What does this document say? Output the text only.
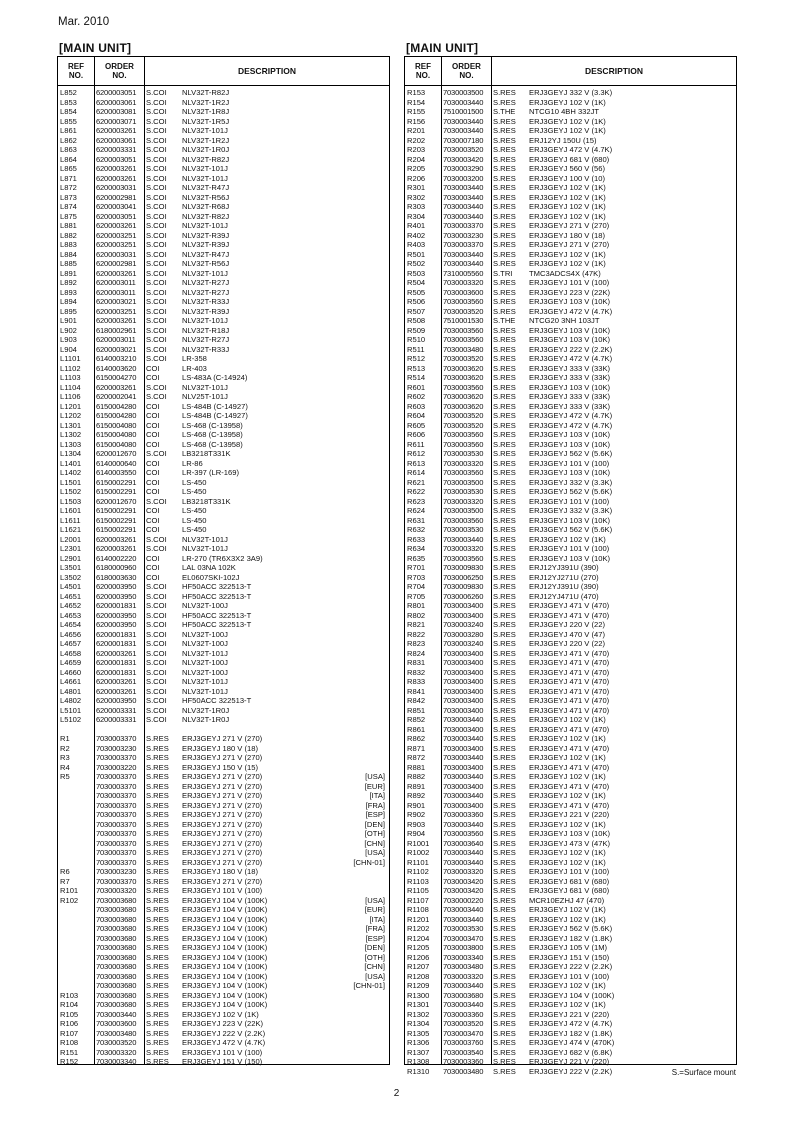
Mar. 2010
[MAIN UNIT]	[MAIN UNIT]
REF
NO.
ORDER
NO.	DESCRIPTION
L852	6200003051 S.COI NLV32T-R82J
L853	6200003061 S.COI NLV32T-1R2J
L854	6200003081 S.COI NLV32T-1R8J
L855	6200003071 S.COI NLV32T-1R5J
L861	6200003261 S.COI NLV32T-101J
L862	6200003061 S.COI NLV32T-1R2J
L863	6200003331 S.COI NLV32T-1R0J
L864	6200003051 S.COI NLV32T-R82J
L865	6200003261 S.COI NLV32T-101J
L871	6200003261 S.COI NLV32T-101J
L872	6200003031 S.COI NLV32T-R47J
L873	6200002981 S.COI NLV32T-R56J
L874	6200003041 S.COI NLV32T-R68J
L875	6200003051 S.COI NLV32T-R82J
L881	6200003261 S.COI NLV32T-101J
L882	6200003251 S.COI NLV32T-R39J
L883	6200003251 S.COI NLV32T-R39J
L884	6200003031 S.COI NLV32T-R47J
L885	6200002981 S.COI NLV32T-R56J
L891	6200003261 S.COI NLV32T-101J
L892	6200003011 S.COI NLV32T-R27J
L893	6200003011 S.COI NLV32T-R27J
L894	6200003021 S.COI NLV32T-R33J
L895	6200003251 S.COI NLV32T-R39J
L901	6200003261 S.COI NLV32T-101J
L902	6180002961 S.COI NLV32T-R18J
L903	6200003011 S.COI NLV32T-R27J
L904	6200003021 S.COI NLV32T-R33J
L1101 6140003210 S.COI LR-358
L1102 6140003620 COI	LR-403
L1103 6150004270 COI	LS-483A (C-14924)
L1104 6200003261 S.COI NLV32T-101J
L1106 6200002041 S.COI NLV25T-101J
L1201 6150004280 COI	LS-484B (C-14927)
L1202 6150004280 COI	LS-484B (C-14927)
L1301 6150004080 COI	LS-468 (C-13958)
L1302 6150004080 COI	LS-468 (C-13958)
L1303 6150004080 COI	LS-468 (C-13958)
L1304 6200012670 S.COI LB3218T331K
L1401 6140000640 COI	LR-86
L1402 6140003550 COI	LR-397 (LR-169)
L1501 6150002291 COI	LS-450
L1502 6150002291 COI	LS-450
L1503 6200012670 S.COI LB3218T331K
L1601 6150002291 COI	LS-450
L1611 6150002291 COI	LS-450
L1621 6150002291 COI	LS-450
L2001 6200003261 S.COI NLV32T-101J
L2301 6200003261 S.COI NLV32T-101J
L2901 6140002220 COI	LR-270 (TR6X3X2 3A9)
L3501 6180000960 COI	LAL 03NA 102K
L3502 6180003630 COI	EL0607SKI-102J
L4501 6200003950 S.COI HF50ACC 322513-T
L4651 6200003950 S.COI HF50ACC 322513-T
L4652 6200001831 S.COI NLV32T-100J
L4653 6200003950 S.COI HF50ACC 322513-T
L4654 6200003950 S.COI HF50ACC 322513-T
L4656 6200001831 S.COI NLV32T-100J
L4657 6200001831 S.COI NLV32T-100J
L4658 6200003261 S.COI NLV32T-101J
L4659 6200001831 S.COI NLV32T-100J
L4660 6200001831 S.COI NLV32T-100J
L4661 6200003261 S.COI NLV32T-101J
L4801 6200003261 S.COI NLV32T-101J
L4802 6200003950 S.COI HF50ACC 322513-T
L5101 6200003331 S.COI NLV32T-1R0J
L5102 6200003331 S.COI NLV32T-1R0J
R1	7030003370 S.RES ERJ3GEYJ 271 V (270)
R2	7030003230 S.RES ERJ3GEYJ 180 V (18)
R3	7030003370 S.RES ERJ3GEYJ 271 V (270)
R4	7030003220 S.RES ERJ3GEYJ 150 V (15)
R5	7030003370 S.RES ERJ3GEYJ 271 V (270)	[USA]
7030003370 S.RES ERJ3GEYJ 271 V (270)	[EUR]
7030003370 S.RES ERJ3GEYJ 271 V (270)	[ITA]
7030003370 S.RES ERJ3GEYJ 271 V (270)	[FRA]
7030003370 S.RES ERJ3GEYJ 271 V (270)	[ESP]
7030003370 S.RES ERJ3GEYJ 271 V (270)	[DEN]
7030003370 S.RES ERJ3GEYJ 271 V (270)	[OTH]
7030003370 S.RES ERJ3GEYJ 271 V (270)	[CHN]
7030003370 S.RES ERJ3GEYJ 271 V (270)	[USA]
7030003370 S.RES ERJ3GEYJ 271 V (270)	[CHN-01]
R6	7030003230 S.RES ERJ3GEYJ 180 V (18)
R7	7030003370 S.RES ERJ3GEYJ 271 V (270)
R101 7030003320 S.RES ERJ3GEYJ 101 V (100)
R102 7030003680 S.RES ERJ3GEYJ 104 V (100K)	[USA]
7030003680 S.RES ERJ3GEYJ 104 V (100K)	[EUR]
7030003680 S.RES ERJ3GEYJ 104 V (100K)	[ITA]
7030003680 S.RES ERJ3GEYJ 104 V (100K)	[FRA]
7030003680 S.RES ERJ3GEYJ 104 V (100K)	[ESP]
7030003680 S.RES ERJ3GEYJ 104 V (100K)	[DEN]
7030003680 S.RES ERJ3GEYJ 104 V (100K)	[OTH]
7030003680 S.RES ERJ3GEYJ 104 V (100K)	[CHN]
7030003680 S.RES ERJ3GEYJ 104 V (100K)	[USA]
7030003680 S.RES ERJ3GEYJ 104 V (100K)	[CHN-01]
R103 7030003680 S.RES ERJ3GEYJ 104 V (100K)
R104 7030003680 S.RES ERJ3GEYJ 104 V (100K)
R105 7030003440 S.RES ERJ3GEYJ 102 V (1K)
R106 7030003600 S.RES ERJ3GEYJ 223 V (22K)
R107 7030003480 S.RES ERJ3GEYJ 222 V (2.2K)
R108 7030003520 S.RES ERJ3GEYJ 472 V (4.7K)
R151 7030003320 S.RES ERJ3GEYJ 101 V (100)
R152 7030003340 S.RES ERJ3GEYJ 151 V (150)
REF
NO.
ORDER
NO.	DESCRIPTION
R153 7030003500 S.RES ERJ3GEYJ 332 V (3.3K)
R154 7030003440 S.RES ERJ3GEYJ 102 V (1K)
R155 7510001500 S.THE NTCG10 4BH 332JT
R156 7030003440 S.RES ERJ3GEYJ 102 V (1K)
R201 7030003440 S.RES ERJ3GEYJ 102 V (1K)
R202 7030007180 S.RES ERJ12YJ 150U (15)
R203 7030003520 S.RES ERJ3GEYJ 472 V (4.7K)
R204 7030003420 S.RES ERJ3GEYJ 681 V (680)
R205 7030003290 S.RES ERJ3GEYJ 560 V (56)
R206 7030003200 S.RES ERJ3GEYJ 100 V (10)
R301 7030003440 S.RES ERJ3GEYJ 102 V (1K)
R302 7030003440 S.RES ERJ3GEYJ 102 V (1K)
R303 7030003440 S.RES ERJ3GEYJ 102 V (1K)
R304 7030003440 S.RES ERJ3GEYJ 102 V (1K)
R401 7030003370 S.RES ERJ3GEYJ 271 V (270)
R402 7030003230 S.RES ERJ3GEYJ 180 V (18)
R403 7030003370 S.RES ERJ3GEYJ 271 V (270)
R501 7030003440 S.RES ERJ3GEYJ 102 V (1K)
R502 7030003440 S.RES ERJ3GEYJ 102 V (1K)
R503 7310005560 S.TRI TMC3ADCS4X (47K)
R504 7030003320 S.RES ERJ3GEYJ 101 V (100)
R505 7030003600 S.RES ERJ3GEYJ 223 V (22K)
R506 7030003560 S.RES ERJ3GEYJ 103 V (10K)
R507 7030003520 S.RES ERJ3GEYJ 472 V (4.7K)
R508 7510001530 S.THE NTCG20 3NH 103JT
R509 7030003560 S.RES ERJ3GEYJ 103 V (10K)
R510 7030003560 S.RES ERJ3GEYJ 103 V (10K)
R511 7030003480 S.RES ERJ3GEYJ 222 V (2.2K)
R512 7030003520 S.RES ERJ3GEYJ 472 V (4.7K)
R513 7030003620 S.RES ERJ3GEYJ 333 V (33K)
R514 7030003620 S.RES ERJ3GEYJ 333 V (33K)
R601 7030003560 S.RES ERJ3GEYJ 103 V (10K)
R602 7030003620 S.RES ERJ3GEYJ 333 V (33K)
R603 7030003620 S.RES ERJ3GEYJ 333 V (33K)
R604 7030003520 S.RES ERJ3GEYJ 472 V (4.7K)
R605 7030003520 S.RES ERJ3GEYJ 472 V (4.7K)
R606 7030003560 S.RES ERJ3GEYJ 103 V (10K)
R611 7030003560 S.RES ERJ3GEYJ 103 V (10K)
R612 7030003530 S.RES ERJ3GEYJ 562 V (5.6K)
R613 7030003320 S.RES ERJ3GEYJ 101 V (100)
R614 7030003560 S.RES ERJ3GEYJ 103 V (10K)
R621 7030003500 S.RES ERJ3GEYJ 332 V (3.3K)
R622 7030003530 S.RES ERJ3GEYJ 562 V (5.6K)
R623 7030003320 S.RES ERJ3GEYJ 101 V (100)
R624 7030003500 S.RES ERJ3GEYJ 332 V (3.3K)
R631 7030003560 S.RES ERJ3GEYJ 103 V (10K)
R632 7030003530 S.RES ERJ3GEYJ 562 V (5.6K)
R633 7030003440 S.RES ERJ3GEYJ 102 V (1K)
R634 7030003320 S.RES ERJ3GEYJ 101 V (100)
R635 7030003560 S.RES ERJ3GEYJ 103 V (10K)
R701 7030009830 S.RES ERJ12YJ391U (390)
R703 7030006250 S.RES ERJ12YJ271U (270)
R704 7030009830 S.RES ERJ12YJ391U (390)
R705 7030006260 S.RES ERJ12YJ471U (470)
R801 7030003400 S.RES ERJ3GEYJ 471 V (470)
R802 7030003400 S.RES ERJ3GEYJ 471 V (470)
R821 7030003240 S.RES ERJ3GEYJ 220 V (22)
R822 7030003280 S.RES ERJ3GEYJ 470 V (47)
R823 7030003240 S.RES ERJ3GEYJ 220 V (22)
R824 7030003400 S.RES ERJ3GEYJ 471 V (470)
R831 7030003400 S.RES ERJ3GEYJ 471 V (470)
R832 7030003400 S.RES ERJ3GEYJ 471 V (470)
R833 7030003400 S.RES ERJ3GEYJ 471 V (470)
R841 7030003400 S.RES ERJ3GEYJ 471 V (470)
R842 7030003400 S.RES ERJ3GEYJ 471 V (470)
R851 7030003400 S.RES ERJ3GEYJ 471 V (470)
R852 7030003440 S.RES ERJ3GEYJ 102 V (1K)
R861 7030003400 S.RES ERJ3GEYJ 471 V (470)
R862 7030003440 S.RES ERJ3GEYJ 102 V (1K)
R871 7030003400 S.RES ERJ3GEYJ 471 V (470)
R872 7030003440 S.RES ERJ3GEYJ 102 V (1K)
R881 7030003400 S.RES ERJ3GEYJ 471 V (470)
R882 7030003440 S.RES ERJ3GEYJ 102 V (1K)
R891 7030003400 S.RES ERJ3GEYJ 471 V (470)
R892 7030003440 S.RES ERJ3GEYJ 102 V (1K)
R901 7030003400 S.RES ERJ3GEYJ 471 V (470)
R902 7030003360 S.RES ERJ3GEYJ 221 V (220)
R903 7030003440 S.RES ERJ3GEYJ 102 V (1K)
R904 7030003560 S.RES ERJ3GEYJ 103 V (10K)
R1001 7030003640 S.RES ERJ3GEYJ 473 V (47K)
R1002 7030003440 S.RES ERJ3GEYJ 102 V (1K)
R1101 7030003440 S.RES ERJ3GEYJ 102 V (1K)
R1102 7030003320 S.RES ERJ3GEYJ 101 V (100)
R1103 7030003420 S.RES ERJ3GEYJ 681 V (680)
R1105 7030003420 S.RES ERJ3GEYJ 681 V (680)
R1107 7030000220 S.RES MCR10EZHJ 47 (470)
R1108 7030003440 S.RES ERJ3GEYJ 102 V (1K)
R1201 7030003440 S.RES ERJ3GEYJ 102 V (1K)
R1202 7030003530 S.RES ERJ3GEYJ 562 V (5.6K)
R1204 7030003470 S.RES ERJ3GEYJ 182 V (1.8K)
R1205 7030003800 S.RES ERJ3GEYJ 105 V (1M)
R1206 7030003340 S.RES ERJ3GEYJ 151 V (150)
R1207 7030003480 S.RES ERJ3GEYJ 222 V (2.2K)
R1208 7030003320 S.RES ERJ3GEYJ 101 V (100)
R1209 7030003440 S.RES ERJ3GEYJ 102 V (1K)
R1300 7030003680 S.RES ERJ3GEYJ 104 V (100K)
R1301 7030003440 S.RES ERJ3GEYJ 102 V (1K)
R1302 7030003360 S.RES ERJ3GEYJ 221 V (220)
R1304 7030003520 S.RES ERJ3GEYJ 472 V (4.7K)
R1305 7030003470 S.RES ERJ3GEYJ 182 V (1.8K)
R1306 7030003760 S.RES ERJ3GEYJ 474 V (470K)
R1307 7030003540 S.RES ERJ3GEYJ 682 V (6.8K)
R1308 7030003360 S.RES ERJ3GEYJ 221 V (220)
R1310 7030003480 S.RES ERJ3GEYJ 222 V (2.2K)	S.=Surface mount
2
